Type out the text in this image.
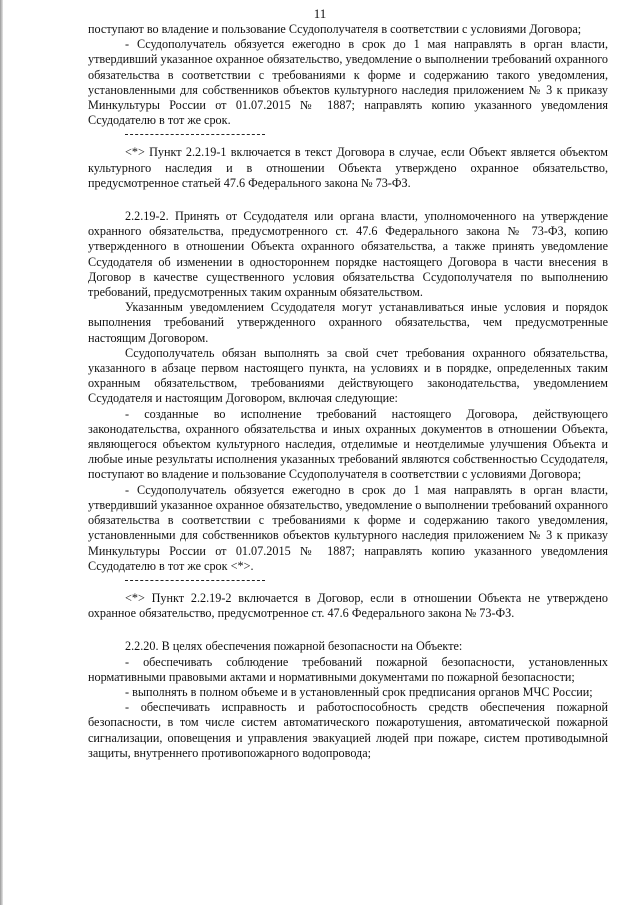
11

поступают во владение и пользование Ссудополучателя в соответствии с условиями Договора;

- Ссудополучатель обязуется ежегодно в срок до 1 мая направлять в орган власти, утвердивший указанное охранное обязательство, уведомление о выполнении требований охранного обязательства в соответствии с требованиями к форме и содержанию такого уведомления, установленными для собственников объектов культурного наследия приложением № 3 к приказу Минкультуры России от 01.07.2015 № 1887; направлять копию указанного уведомления Ссудодателю в тот же срок.

<*> Пункт 2.2.19-1 включается в текст Договора в случае, если Объект является объектом культурного наследия и в отношении Объекта утверждено охранное обязательство, предусмотренное статьей 47.6 Федерального закона № 73-ФЗ.

2.2.19-2. Принять от Ссудодателя или органа власти, уполномоченного на утверждение охранного обязательства, предусмотренного ст. 47.6 Федерального закона № 73-ФЗ, копию утвержденного в отношении Объекта охранного обязательства, а также принять уведомление Ссудодателя об изменении в одностороннем порядке настоящего Договора в части внесения в Договор в качестве существенного условия обязательства Ссудополучателя по выполнению требований, предусмотренных таким охранным обязательством.

Указанным уведомлением Ссудодателя могут устанавливаться иные условия и порядок выполнения требований утвержденного охранного обязательства, чем предусмотренные настоящим Договором.

Ссудополучатель обязан выполнять за свой счет требования охранного обязательства, указанного в абзаце первом настоящего пункта, на условиях и в порядке, определенных таким охранным обязательством, требованиями действующего законодательства, уведомлением Ссудодателя и настоящим Договором, включая следующие:

- созданные во исполнение требований настоящего Договора, действующего законодательства, охранного обязательства и иных охранных документов в отношении Объекта, являющегося объектом культурного наследия, отделимые и неотделимые улучшения Объекта и любые иные результаты исполнения указанных требований являются собственностью Ссудодателя, поступают во владение и пользование Ссудополучателя в соответствии с условиями Договора;

- Ссудополучатель обязуется ежегодно в срок до 1 мая направлять в орган власти, утвердивший указанное охранное обязательство, уведомление о выполнении требований охранного обязательства в соответствии с требованиями к форме и содержанию такого уведомления, установленными для собственников объектов культурного наследия приложением № 3 к приказу Минкультуры России от 01.07.2015 № 1887; направлять копию указанного уведомления Ссудодателю в тот же срок <*>.

<*> Пункт 2.2.19-2 включается в Договор, если в отношении Объекта не утверждено охранное обязательство, предусмотренное ст. 47.6 Федерального закона № 73-ФЗ.

2.2.20. В целях обеспечения пожарной безопасности на Объекте:

- обеспечивать соблюдение требований пожарной безопасности, установленных нормативными правовыми актами и нормативными документами по пожарной безопасности;

- выполнять в полном объеме и в установленный срок предписания органов МЧС России;

- обеспечивать исправность и работоспособность средств обеспечения пожарной безопасности, в том числе систем автоматического пожаротушения, автоматической пожарной сигнализации, оповещения и управления эвакуацией людей при пожаре, систем противодымной защиты, внутреннего противопожарного водопровода;
